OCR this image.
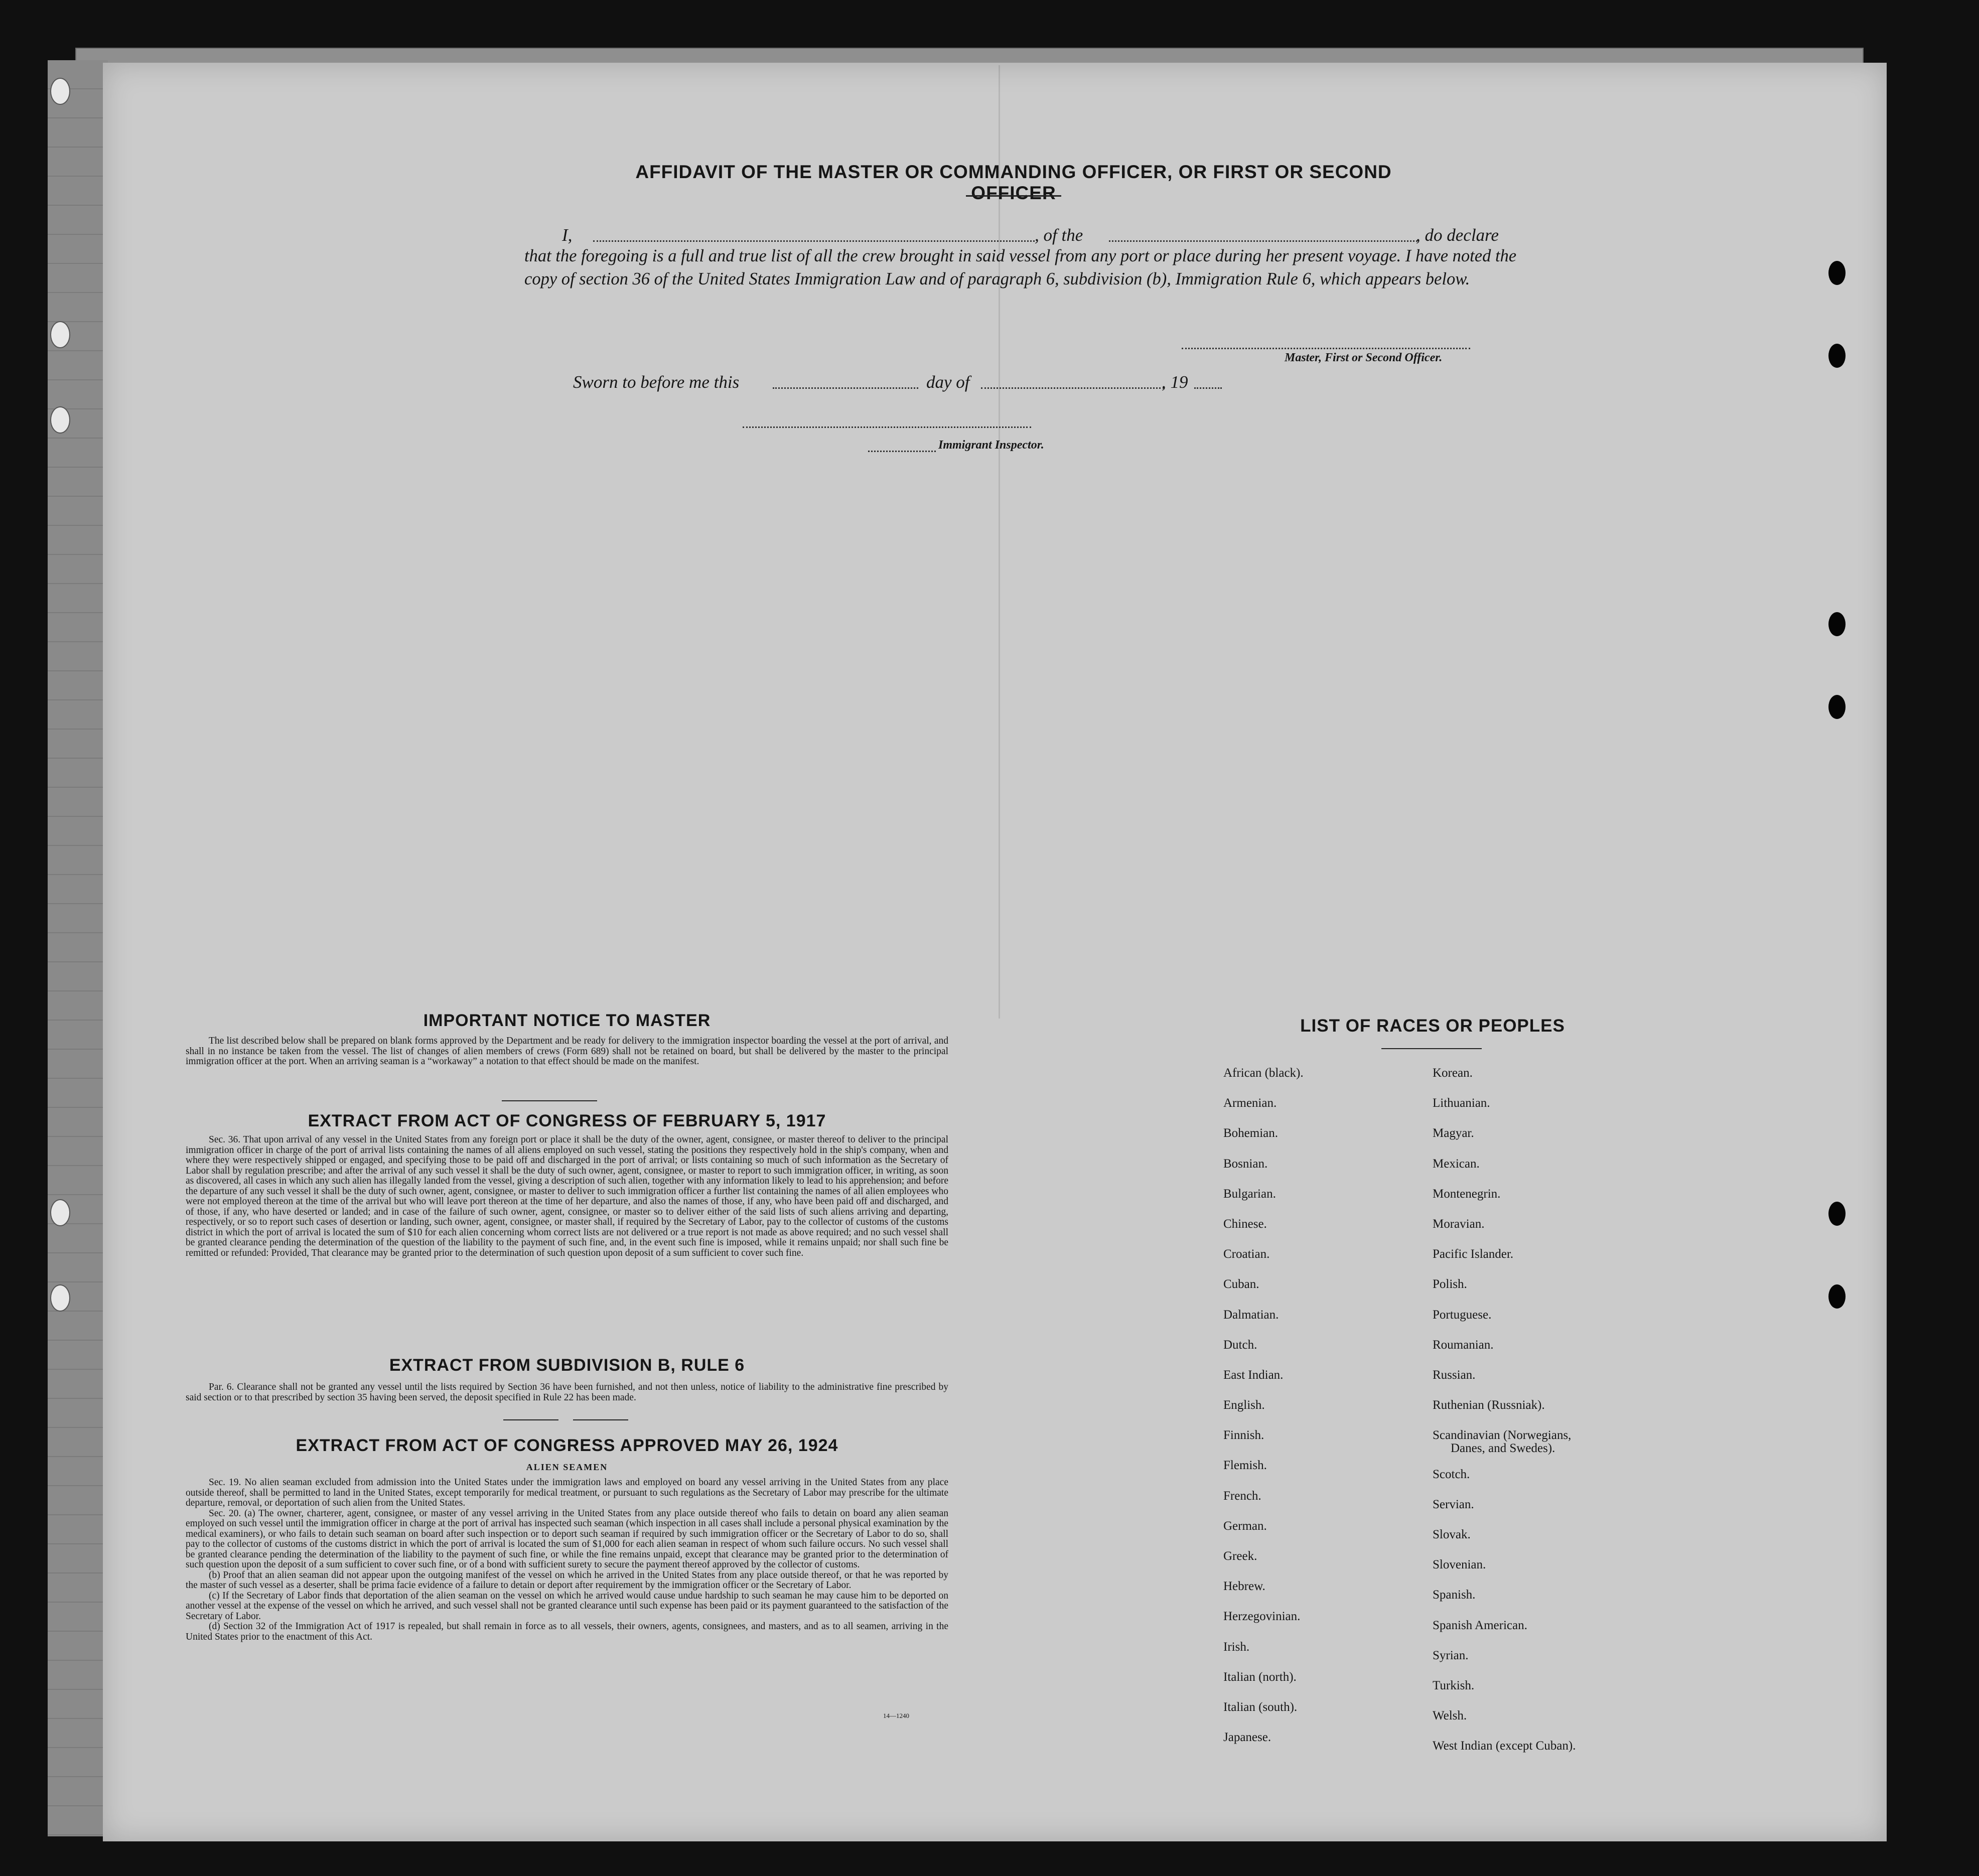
AFFIDAVIT OF THE MASTER OR COMMANDING OFFICER, OR FIRST OR SECOND OFFICER
I,	, of the	, do declare
that the foregoing is a full and true list of all the crew brought in said vessel from any port or place during her present voyage. I have noted the copy of section 36 of the United States Immigration Law and of paragraph 6, subdivision (b), Immigration Rule 6, which appears below.
Master, First or Second Officer.
Sworn to before me this	day of	, 19
Immigrant Inspector.
IMPORTANT NOTICE TO MASTER

The list described below shall be prepared on blank forms approved by the Department and be ready for delivery to the immigration inspector boarding the vessel at the port of arrival, and shall in no instance be taken from the vessel. The list of changes of alien members of crews (Form 689) shall not be retained on board, but shall be delivered by the master to the principal immigration officer at the port. When an arriving seaman is a “workaway” a notation to that effect should be made on the manifest.

EXTRACT FROM ACT OF CONGRESS OF FEBRUARY 5, 1917

Sec. 36. That upon arrival of any vessel in the United States from any foreign port or place it shall be the duty of the owner, agent, consignee, or master thereof to deliver to the principal immigration officer in charge of the port of arrival lists containing the names of all aliens employed on such vessel, stating the positions they respectively hold in the ship's company, when and where they were respectively shipped or engaged, and specifying those to be paid off and discharged in the port of arrival; or lists containing so much of such information as the Secretary of Labor shall by regulation prescribe; and after the arrival of any such vessel it shall be the duty of such owner, agent, consignee, or master to report to such immigration officer, in writing, as soon as discovered, all cases in which any such alien has illegally landed from the vessel, giving a description of such alien, together with any information likely to lead to his apprehension; and before the departure of any such vessel it shall be the duty of such owner, agent, consignee, or master to deliver to such immigration officer a further list containing the names of all alien employees who were not employed thereon at the time of the arrival but who will leave port thereon at the time of her departure, and also the names of those, if any, who have been paid off and discharged, and of those, if any, who have deserted or landed; and in case of the failure of such owner, agent, consignee, or master so to deliver either of the said lists of such aliens arriving and departing, respectively, or so to report such cases of desertion or landing, such owner, agent, consignee, or master shall, if required by the Secretary of Labor, pay to the collector of customs of the customs district in which the port of arrival is located the sum of $10 for each alien concerning whom correct lists are not delivered or a true report is not made as above required; and no such vessel shall be granted clearance pending the determination of the question of the liability to the payment of such fine, and, in the event such fine is imposed, while it remains unpaid; nor shall such fine be remitted or refunded: Provided, That clearance may be granted prior to the determination of such question upon deposit of a sum sufficient to cover such fine.

EXTRACT FROM SUBDIVISION B, RULE 6

Par. 6. Clearance shall not be granted any vessel until the lists required by Section 36 have been furnished, and not then unless, notice of liability to the administrative fine prescribed by said section or to that prescribed by section 35 having been served, the deposit specified in Rule 22 has been made.

EXTRACT FROM ACT OF CONGRESS APPROVED MAY 26, 1924
ALIEN SEAMEN

Sec. 19. No alien seaman excluded from admission into the United States under the immigration laws and employed on board any vessel arriving in the United States from any place outside thereof, shall be permitted to land in the United States, except temporarily for medical treatment, or pursuant to such regulations as the Secretary of Labor may prescribe for the ultimate departure, removal, or deportation of such alien from the United States.

Sec. 20. (a) The owner, charterer, agent, consignee, or master of any vessel arriving in the United States from any place outside thereof who fails to detain on board any alien seaman employed on such vessel until the immigration officer in charge at the port of arrival has inspected such seaman (which inspection in all cases shall include a personal physical examination by the medical examiners), or who fails to detain such seaman on board after such inspection or to deport such seaman if required by such immigration officer or the Secretary of Labor to do so, shall pay to the collector of customs of the customs district in which the port of arrival is located the sum of $1,000 for each alien seaman in respect of whom such failure occurs. No such vessel shall be granted clearance pending the determination of the liability to the payment of such fine, or while the fine remains unpaid, except that clearance may be granted prior to the determination of such question upon the deposit of a sum sufficient to cover such fine, or of a bond with sufficient surety to secure the payment thereof approved by the collector of customs.

(b) Proof that an alien seaman did not appear upon the outgoing manifest of the vessel on which he arrived in the United States from any place outside thereof, or that he was reported by the master of such vessel as a deserter, shall be prima facie evidence of a failure to detain or deport after requirement by the immigration officer or the Secretary of Labor.

(c) If the Secretary of Labor finds that deportation of the alien seaman on the vessel on which he arrived would cause undue hardship to such seaman he may cause him to be deported on another vessel at the expense of the vessel on which he arrived, and such vessel shall not be granted clearance until such expense has been paid or its payment guaranteed to the satisfaction of the Secretary of Labor.

(d) Section 32 of the Immigration Act of 1917 is repealed, but shall remain in force as to all vessels, their owners, agents, consignees, and masters, and as to all seamen, arriving in the United States prior to the enactment of this Act.

14—1240
LIST OF RACES OR PEOPLES
African (black).
Armenian.
Bohemian.
Bosnian.
Bulgarian.
Chinese.
Croatian.
Cuban.
Dalmatian.
Dutch.
East Indian.
English.
Finnish.
Flemish.
French.
German.
Greek.
Hebrew.
Herzegovinian.
Irish.
Italian (north).
Italian (south).
Japanese.
Korean.
Lithuanian.
Magyar.
Mexican.
Montenegrin.
Moravian.
Pacific Islander.
Polish.
Portuguese.
Roumanian.
Russian.
Ruthenian (Russniak).
Scandinavian (Norwegians,
Danes, and Swedes).
Scotch.
Servian.
Slovak.
Slovenian.
Spanish.
Spanish American.
Syrian.
Turkish.
Welsh.
West Indian (except Cuban).
